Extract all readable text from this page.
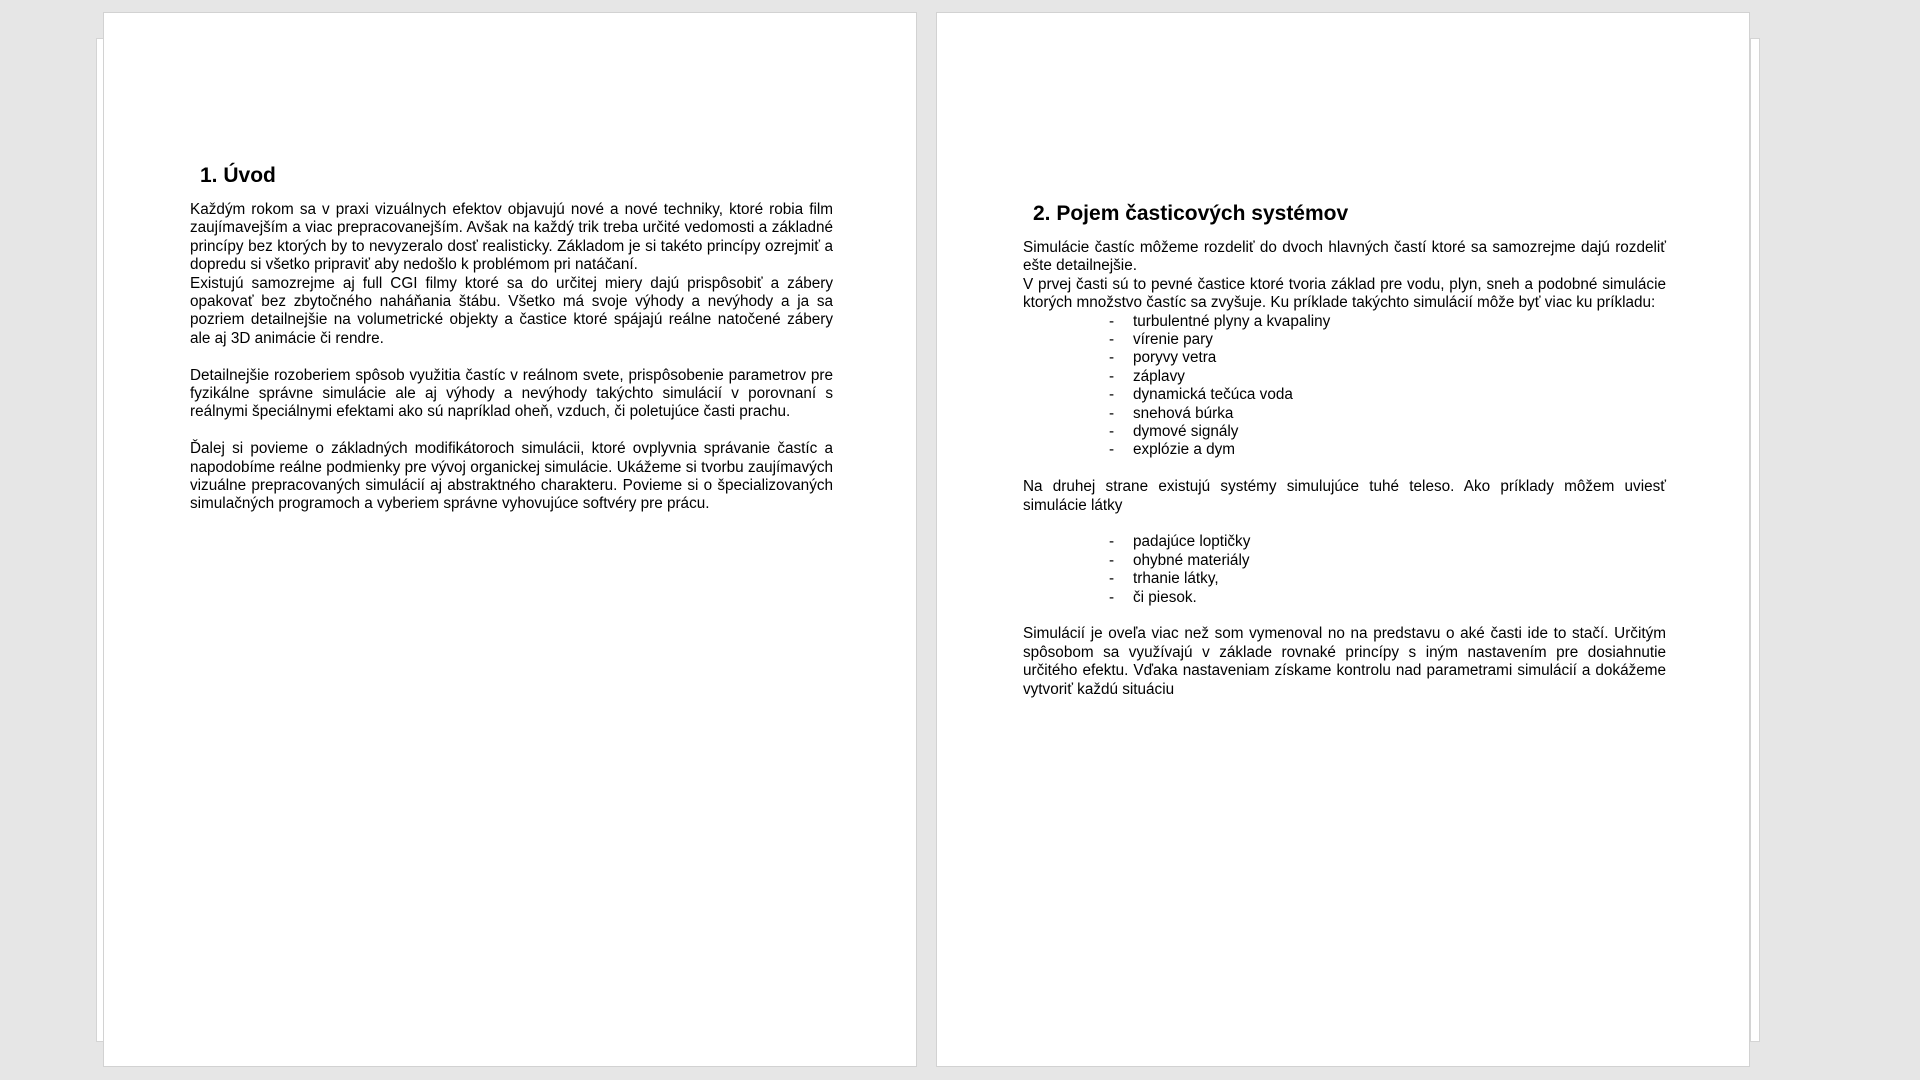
1. Úvod

Každým rokom sa v praxi vizuálnych efektov objavujú nové a nové techniky, ktoré robia film zaujímavejším a viac prepracovanejším. Avšak na každý trik treba určité vedomosti a základné princípy bez ktorých by to nevyzeralo dosť realisticky. Základom je si takéto princípy ozrejmiť a dopredu si všetko pripraviť aby nedošlo k problémom pri natáčaní.

Existujú samozrejme aj full CGI filmy ktoré sa do určitej miery dajú prispôsobiť a zábery opakovať bez zbytočného naháňania štábu. Všetko má svoje výhody a nevýhody a ja sa pozriem detailnejšie na volumetrické objekty a častice ktoré spájajú reálne natočené zábery ale aj 3D animácie či rendre.

Detailnejšie rozoberiem spôsob využitia častíc v reálnom svete, prispôsobenie parametrov pre fyzikálne správne simulácie ale aj výhody a nevýhody takýchto simulácií v porovnaní s reálnymi špeciálnymi efektami ako sú napríklad oheň, vzduch, či poletujúce časti prachu.

Ďalej si povieme o základných modifikátoroch simulácii, ktoré ovplyvnia správanie častíc a napodobíme reálne podmienky pre vývoj organickej simulácie. Ukážeme si tvorbu zaujímavých vizuálne prepracovaných simulácií aj abstraktného charakteru. Povieme si o špecializovaných simulačných programoch a vyberiem správne vyhovujúce softvéry pre prácu.

2. Pojem časticových systémov

Simulácie častíc môžeme rozdeliť do dvoch hlavných častí ktoré sa samozrejme dajú rozdeliť ešte detailnejšie.

V prvej časti sú to pevné častice ktoré tvoria základ pre vodu, plyn, sneh a podobné simulácie ktorých množstvo častíc sa zvyšuje. Ku príklade takýchto simulácií môže byť viac ku príkladu:

-	turbulentné plyny a kvapaliny
-	vírenie pary
-	poryvy vetra
-	záplavy
-	dynamická tečúca voda
-	snehová búrka
-	dymové signály
-	explózie a dym

Na druhej strane existujú systémy simulujúce tuhé teleso. Ako príklady môžem uviesť simulácie látky

-	padajúce loptičky
-	ohybné materiály
-	trhanie látky,
-	či piesok.

Simulácií je oveľa viac než som vymenoval no na predstavu o aké časti ide to stačí. Určitým spôsobom sa využívajú v základe rovnaké princípy s iným nastavením pre dosiahnutie určitého efektu. Vďaka nastaveniam získame kontrolu nad parametrami simulácií a dokážeme vytvoriť každú situáciu
